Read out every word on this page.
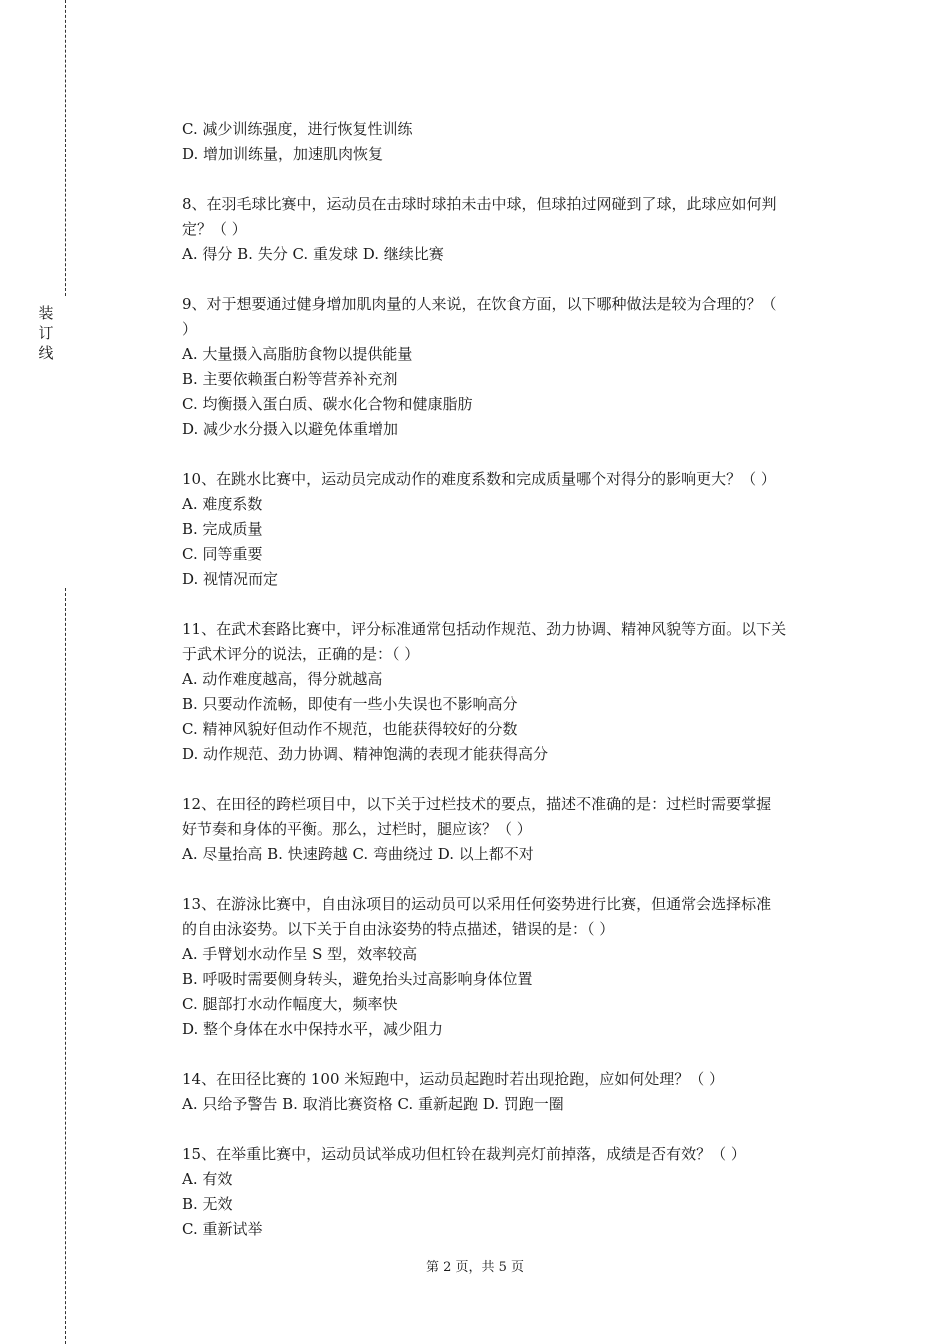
装
订
线
C. 减少训练强度，进行恢复性训练
D. 增加训练量，加速肌肉恢复
8、在羽毛球比赛中，运动员在击球时球拍未击中球，但球拍过网碰到了球，此球应如何判
定？（ ）
A. 得分 B. 失分 C. 重发球 D. 继续比赛
9、对于想要通过健身增加肌肉量的人来说，在饮食方面，以下哪种做法是较为合理的？（
）
A. 大量摄入高脂肪食物以提供能量
B. 主要依赖蛋白粉等营养补充剂
C. 均衡摄入蛋白质、碳水化合物和健康脂肪
D. 减少水分摄入以避免体重增加
10、在跳水比赛中，运动员完成动作的难度系数和完成质量哪个对得分的影响更大？（ ）
A. 难度系数
B. 完成质量
C. 同等重要
D. 视情况而定
11、在武术套路比赛中，评分标准通常包括动作规范、劲力协调、精神风貌等方面。以下关
于武术评分的说法，正确的是：（ ）
A. 动作难度越高，得分就越高
B. 只要动作流畅，即使有一些小失误也不影响高分
C. 精神风貌好但动作不规范，也能获得较好的分数
D. 动作规范、劲力协调、精神饱满的表现才能获得高分
12、在田径的跨栏项目中，以下关于过栏技术的要点，描述不准确的是：过栏时需要掌握
好节奏和身体的平衡。那么，过栏时，腿应该？（ ）
A. 尽量抬高 B. 快速跨越 C. 弯曲绕过 D. 以上都不对
13、在游泳比赛中，自由泳项目的运动员可以采用任何姿势进行比赛，但通常会选择标准
的自由泳姿势。以下关于自由泳姿势的特点描述，错误的是：（ ）
A. 手臂划水动作呈 S 型，效率较高
B. 呼吸时需要侧身转头，避免抬头过高影响身体位置
C. 腿部打水动作幅度大，频率快
D. 整个身体在水中保持水平，减少阻力
14、在田径比赛的 100 米短跑中，运动员起跑时若出现抢跑，应如何处理？（ ）
A. 只给予警告 B. 取消比赛资格 C. 重新起跑 D. 罚跑一圈
15、在举重比赛中，运动员试举成功但杠铃在裁判亮灯前掉落，成绩是否有效？（ ）
A. 有效
B. 无效
C. 重新试举
第 2 页，共 5 页
